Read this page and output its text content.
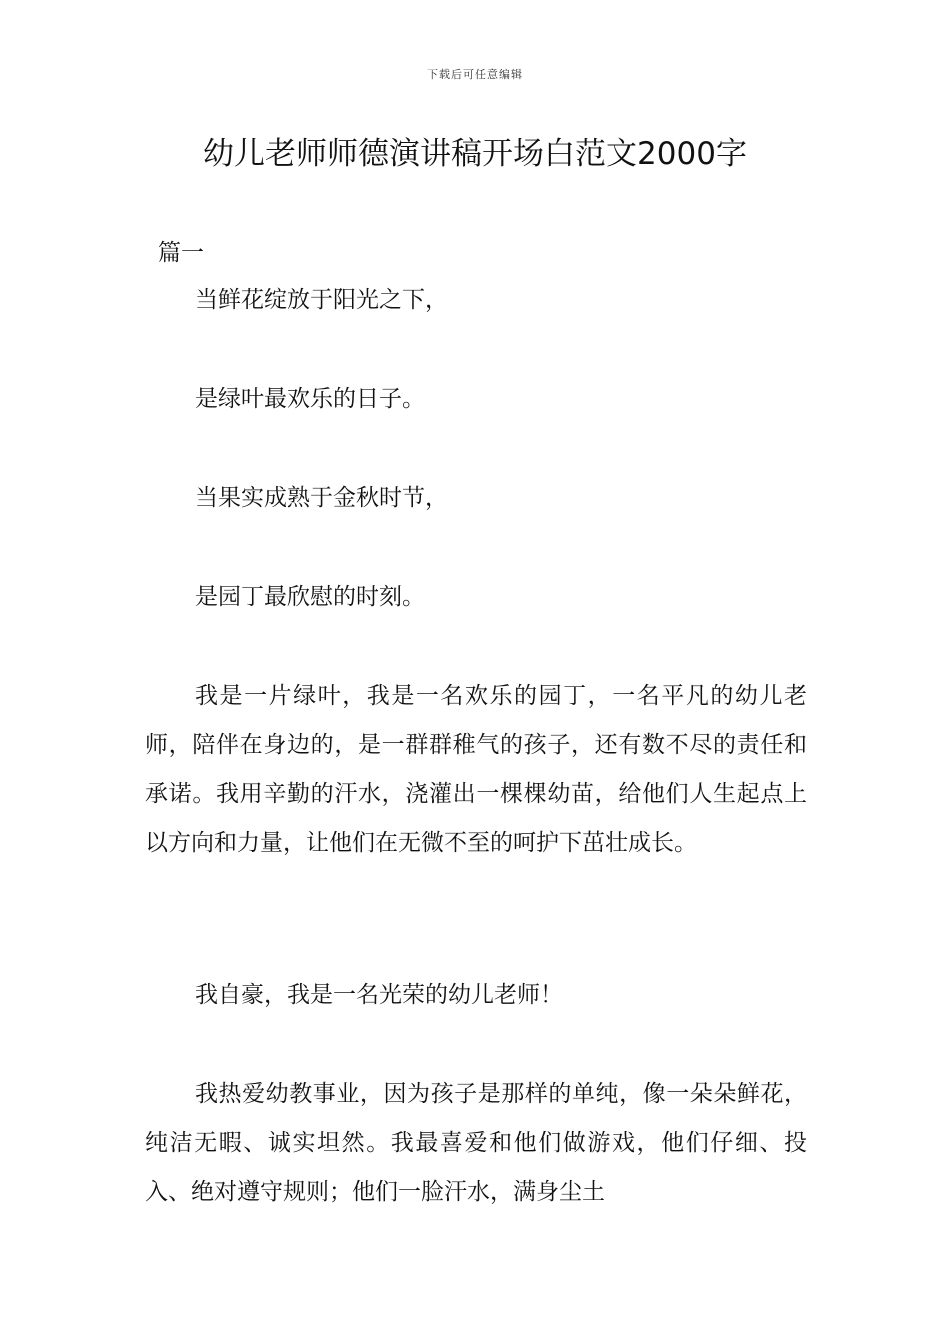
下载后可任意编辑
幼儿老师师德演讲稿开场白范文2000字

篇一

当鲜花绽放于阳光之下，

是绿叶最欢乐的日子。

当果实成熟于金秋时节，

是园丁最欣慰的时刻。

我是一片绿叶，我是一名欢乐的园丁，一名平凡的幼儿老师，陪伴在身边的，是一群群稚气的孩子，还有数不尽的责任和承诺。我用辛勤的汗水，浇灌出一棵棵幼苗，给他们人生起点上以方向和力量，让他们在无微不至的呵护下茁壮成长。

我自豪，我是一名光荣的幼儿老师！

我热爱幼教事业，因为孩子是那样的单纯，像一朵朵鲜花，纯洁无暇、诚实坦然。我最喜爱和他们做游戏，他们仔细、投入、绝对遵守规则；他们一脸汗水，满身尘土
